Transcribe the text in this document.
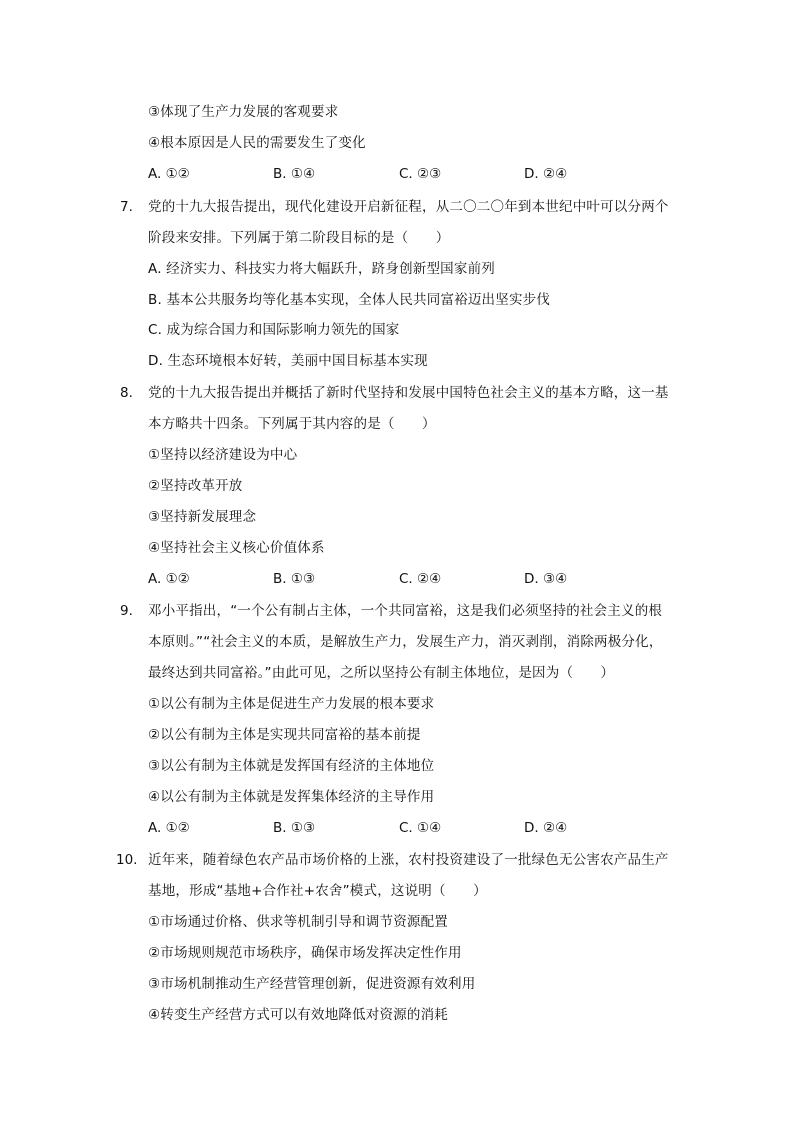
③体现了生产力发展的客观要求
④根本原因是人民的需要发生了变化
A. ①②	B. ①④	C. ②③	D. ②④
7. 党的十九大报告提出，现代化建设开启新征程，从二〇二〇年到本世纪中叶可以分两个
阶段来安排。下列属于第二阶段目标的是（　　）
A. 经济实力、科技实力将大幅跃升，跻身创新型国家前列
B. 基本公共服务均等化基本实现，全体人民共同富裕迈出坚实步伐
C. 成为综合国力和国际影响力领先的国家
D. 生态环境根本好转，美丽中国目标基本实现
8. 党的十九大报告提出并概括了新时代坚持和发展中国特色社会主义的基本方略，这一基
本方略共十四条。下列属于其内容的是（　　）
①坚持以经济建设为中心
②坚持改革开放
③坚持新发展理念
④坚持社会主义核心价值体系
A. ①②	B. ①③	C. ②④	D. ③④
9. 邓小平指出，“一个公有制占主体，一个共同富裕，这是我们必须坚持的社会主义的根
本原则。”“社会主义的本质，是解放生产力，发展生产力，消灭剥削，消除两极分化，
最终达到共同富裕。”由此可见，之所以坚持公有制主体地位，是因为（　　）
①以公有制为主体是促进生产力发展的根本要求
②以公有制为主体是实现共同富裕的基本前提
③以公有制为主体就是发挥国有经济的主体地位
④以公有制为主体就是发挥集体经济的主导作用
A. ①②	B. ①③	C. ①④	D. ②④
10. 近年来，随着绿色农产品市场价格的上涨，农村投资建设了一批绿色无公害农产品生产
基地，形成“基地+合作社+农舍”模式，这说明（　　）
①市场通过价格、供求等机制引导和调节资源配置
②市场规则规范市场秩序，确保市场发挥决定性作用
③市场机制推动生产经营管理创新，促进资源有效利用
④转变生产经营方式可以有效地降低对资源的消耗
